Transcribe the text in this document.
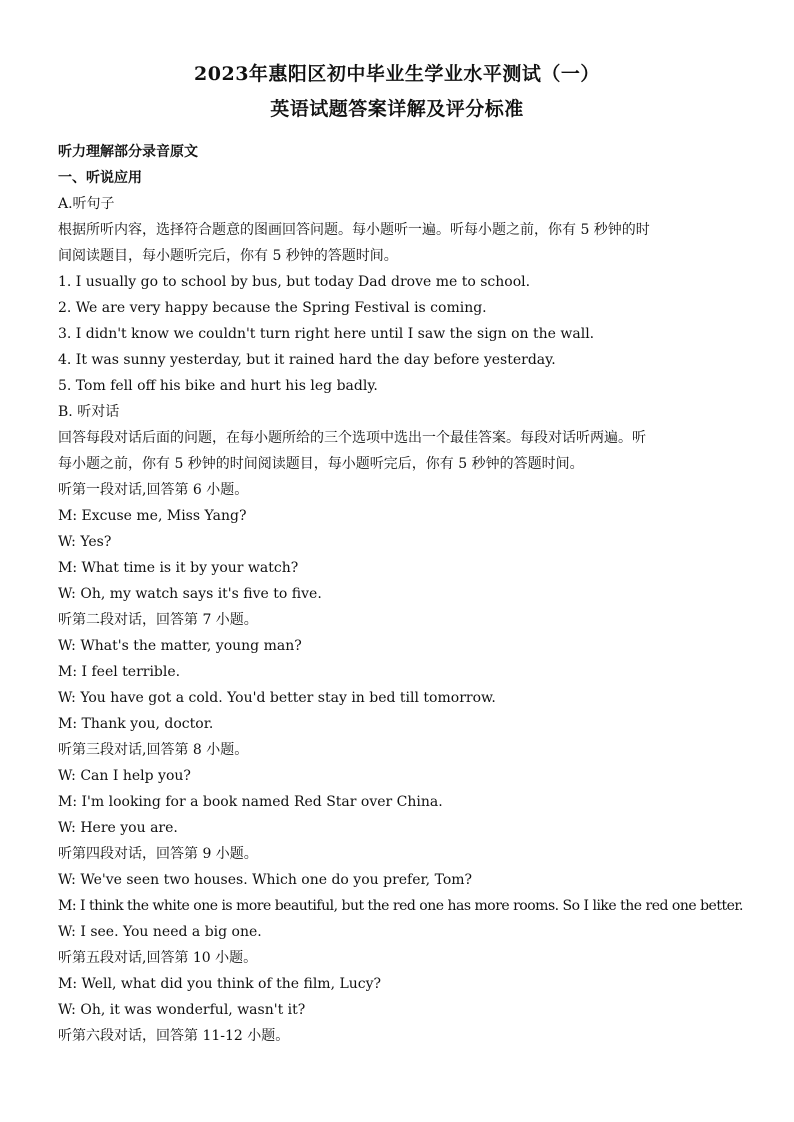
2023年惠阳区初中毕业生学业水平测试（一）
英语试题答案详解及评分标准
听力理解部分录音原文
一、听说应用
A.听句子
根据所听内容，选择符合题意的图画回答问题。每小题听一遍。听每小题之前，你有 5 秒钟的时
间阅读题目，每小题听完后，你有 5 秒钟的答题时间。
1. I usually go to school by bus, but today Dad drove me to school.
2. We are very happy because the Spring Festival is coming.
3. I didn't know we couldn't turn right here until I saw the sign on the wall.
4. It was sunny yesterday, but it rained hard the day before yesterday.
5. Tom fell off his bike and hurt his leg badly.
B. 听对话
回答每段对话后面的问题，在每小题所给的三个选项中选出一个最佳答案。每段对话听两遍。听
每小题之前，你有 5 秒钟的时间阅读题目，每小题听完后，你有 5 秒钟的答题时间。
听第一段对话,回答第 6 小题。
M: Excuse me, Miss Yang?
W: Yes?
M: What time is it by your watch?
W: Oh, my watch says it's five to five.
听第二段对话，回答第 7 小题。
W: What's the matter, young man?
M: I feel terrible.
W: You have got a cold. You'd better stay in bed till tomorrow.
M: Thank you, doctor.
听第三段对话,回答第 8 小题。
W: Can I help you?
M: I'm looking for a book named Red Star over China.
W: Here you are.
听第四段对话，回答第 9 小题。
W: We've seen two houses. Which one do you prefer, Tom?
M: I think the white one is more beautiful, but the red one has more rooms. So I like the red one better.
W: I see. You need a big one.
听第五段对话,回答第 10 小题。
M: Well, what did you think of the film, Lucy?
W: Oh, it was wonderful, wasn't it?
听第六段对话，回答第 11-12 小题。
